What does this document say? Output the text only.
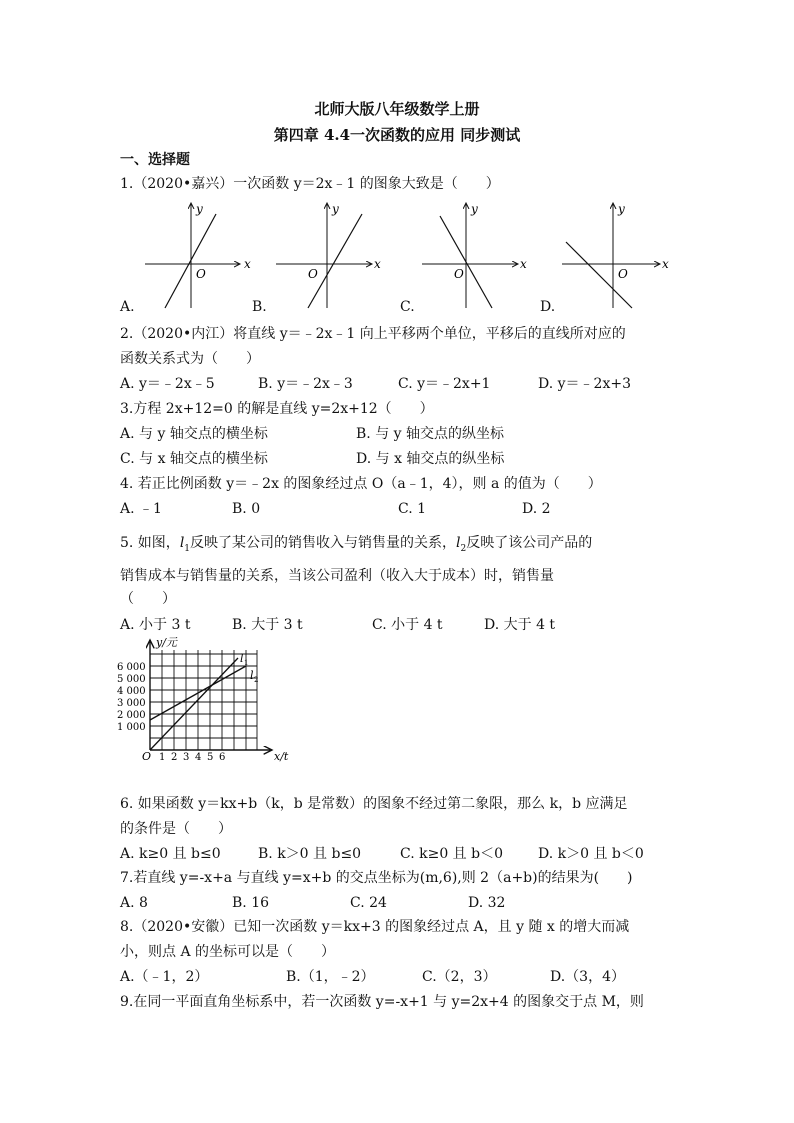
北师大版八年级数学上册
第四章 4.4一次函数的应用 同步测试
一、选择题
1.（2020•嘉兴）一次函数 y＝2x﹣1 的图象大致是（　　）
x
y
O
x
y
O
x
y
O
x
y
O
A.	B.	C.	D.
2.（2020•内江）将直线 y＝﹣2x﹣1 向上平移两个单位，平移后的直线所对应的
函数关系式为（　　）
A. y＝﹣2x﹣5	B. y＝﹣2x﹣3	C. y＝﹣2x+1	D. y＝﹣2x+3
3.方程 2x+12=0 的解是直线 y=2x+12（　　）
A. 与 y 轴交点的横坐标	B. 与 y 轴交点的纵坐标
C. 与 x 轴交点的横坐标	D. 与 x 轴交点的纵坐标
4. 若正比例函数 y＝﹣2x 的图象经过点 O（a﹣1，4），则 a 的值为（　　）
A. ﹣1	B. 0	C. 1	D. 2
5. 如图，$l_1$反映了某公司的销售收入与销售量的关系，$l_2$反映了该公司产品的
销售成本与销售量的关系，当该公司盈利（收入大于成本）时，销售量
（　　）
A. 小于 3 t	B. 大于 3 t	C. 小于 4 t	D. 大于 4 t
y/元
x/t
O
6 000
5 000
4 000
3 000
2 000
1 000
1 2 3 4 5 6
l 1
l 2
6. 如果函数 y＝kx+b（k，b 是常数）的图象不经过第二象限，那么 k，b 应满足
的条件是（　　）
A. k≥0 且 b≤0	B. k＞0 且 b≤0	C. k≥0 且 b＜0 D. k＞0 且 b＜0
7.若直线 y=-x+a 与直线 y=x+b 的交点坐标为(m,6),则 2（a+b)的结果为(　　)
A. 8	B. 16	C. 24	D. 32
8.（2020•安徽）已知一次函数 y＝kx+3 的图象经过点 A，且 y 随 x 的增大而减
小，则点 A 的坐标可以是（　　）
A.（﹣1，2）	B.（1，﹣2）	C.（2，3）	D.（3，4）
9.在同一平面直角坐标系中，若一次函数 y=-x+1 与 y=2x+4 的图象交于点 M，则
